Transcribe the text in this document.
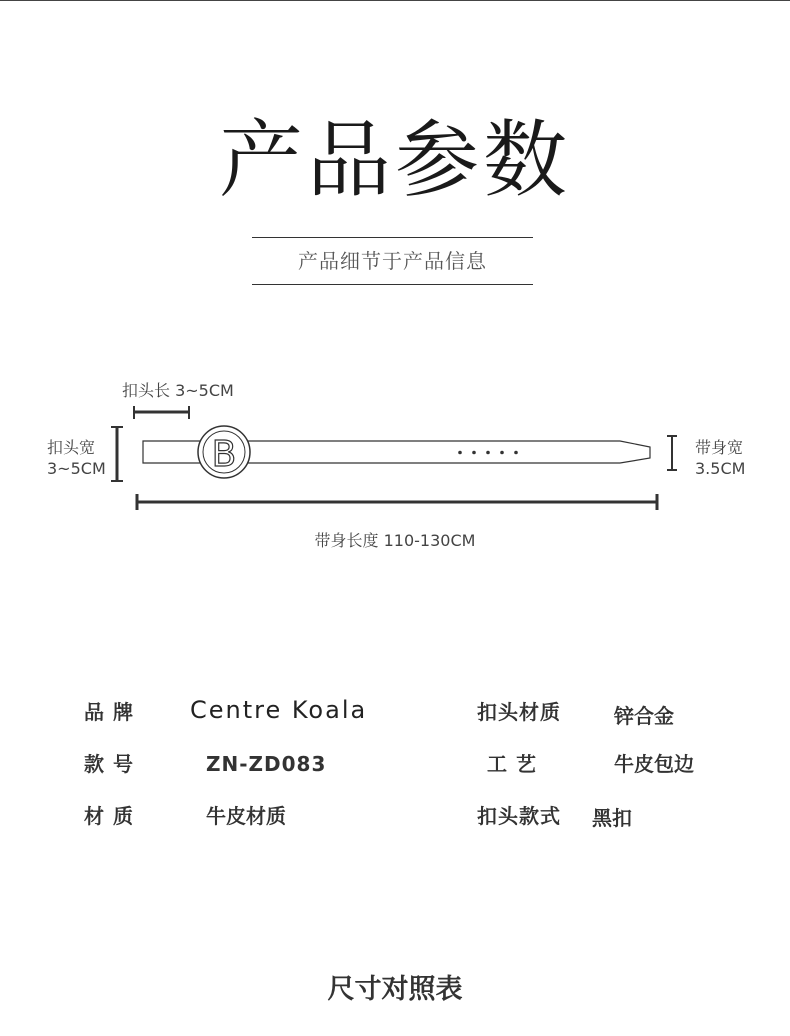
产品参数
产品细节于产品信息
B
扣头长 3~5CM
扣头宽
3~5CM
带身宽
3.5CM
带身长度 110-130CM
品 牌 Centre Koala	扣头材质	锌合金
款 号	ZN-ZD083	工 艺	牛皮包边
材 质	牛皮材质	扣头款式 黑扣
尺寸对照表
